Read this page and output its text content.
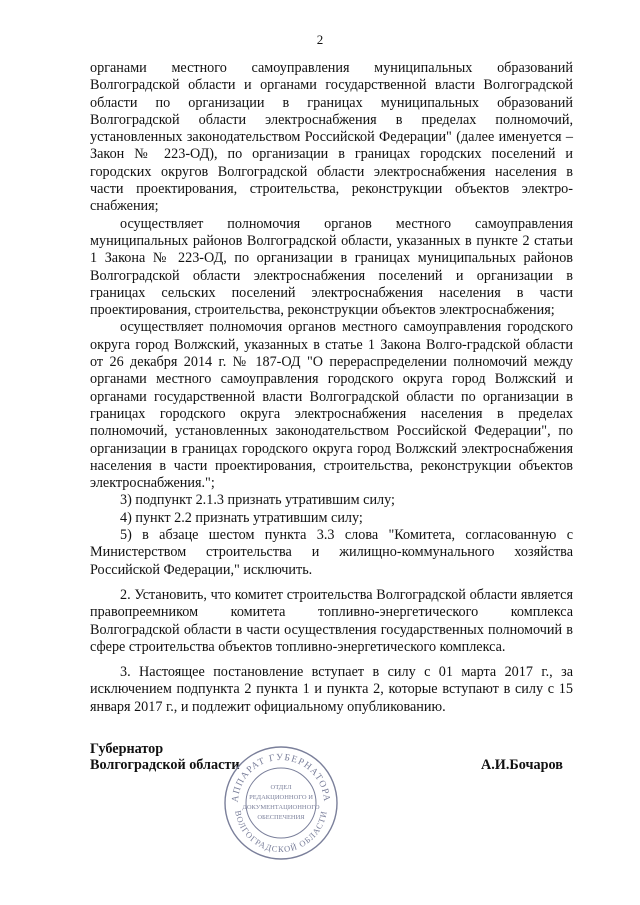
2

органами местного самоуправления муниципальных образований Волгоградской области и органами государственной власти Волгоградской области по организации в границах муниципальных образований Волгоградской области электроснабжения в пределах полномочий, установленных законодательством Российской Федерации" (далее именуется – Закон № 223-ОД), по организации в границах городских поселений и городских округов Волгоградской области электроснабжения населения в части проектирования, строительства, реконструкции объектов электро-снабжения;

осуществляет полномочия органов местного самоуправления муниципальных районов Волгоградской области, указанных в пункте 2 статьи 1 Закона № 223-ОД, по организации в границах муниципальных районов Волгоградской области электроснабжения поселений и организации в границах сельских поселений электроснабжения населения в части проектирования, строительства, реконструкции объектов электроснабжения;

осуществляет полномочия органов местного самоуправления городского округа город Волжский, указанных в статье 1 Закона Волго-градской области от 26 декабря 2014 г. № 187-ОД "О перераспределении полномочий между органами местного самоуправления городского округа город Волжский и органами государственной власти Волгоградской области по организации в границах городского округа электроснабжения населения в пределах полномочий, установленных законодательством Российской Федерации", по организации в границах городского округа город Волжский электроснабжения населения в части проектирования, строительства, реконструкции объектов электроснабжения.";

3) подпункт 2.1.3 признать утратившим силу;

4) пункт 2.2 признать утратившим силу;

5) в абзаце шестом пункта 3.3 слова "Комитета, согласованную с Министерством строительства и жилищно-коммунального хозяйства Российской Федерации," исключить.

2. Установить, что комитет строительства Волгоградской области является правопреемником комитета топливно-энергетического комплекса Волгоградской области в части осуществления государственных полномочий в сфере строительства объектов топливно-энергетического комплекса.

3. Настоящее постановление вступает в силу с 01 марта 2017 г., за исключением подпункта 2 пункта 1 и пункта 2, которые вступают в силу с 15 января 2017 г., и подлежит официальному опубликованию.

Губернатор
Волгоградской области	А.И.Бочаров
АППАРАТ ГУБЕРНАТОРА
ВОЛГОГРАДСКОЙ ОБЛАСТИ
ОТДЕЛ
РЕДАКЦИОННОГО И
ДОКУМЕНТАЦИОННОГО
ОБЕСПЕЧЕНИЯ
